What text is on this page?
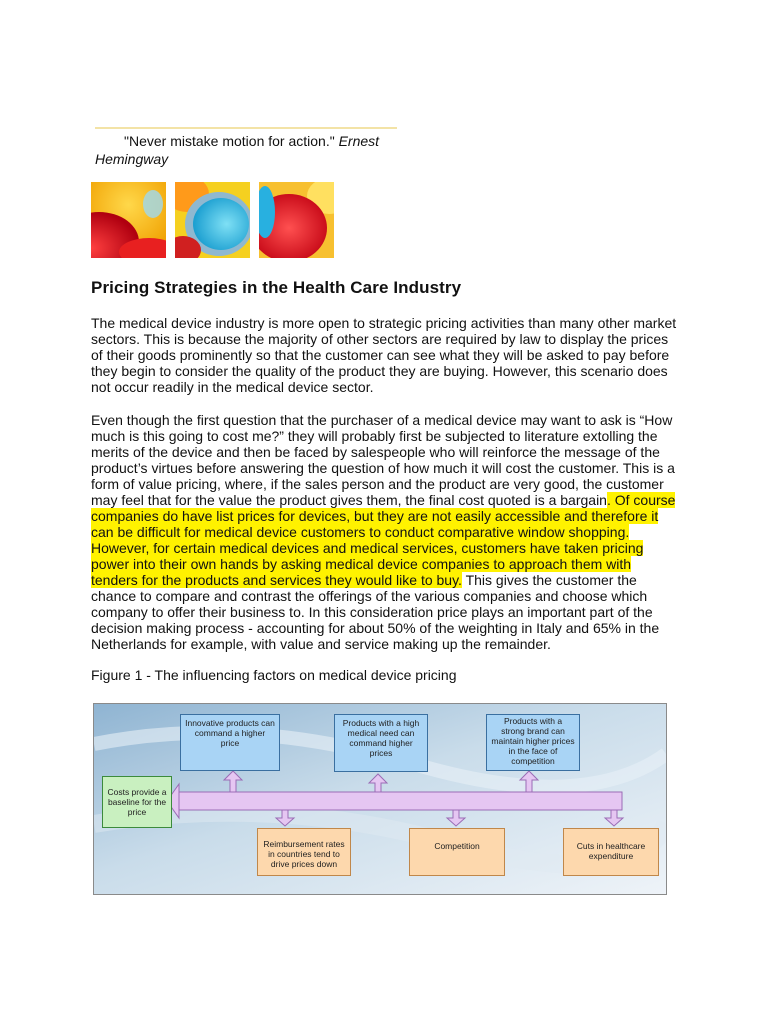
"Never mistake motion for action." Ernest
Hemingway
Pricing Strategies in the Health Care Industry

The medical device industry is more open to strategic pricing activities than many other market sectors. This is because the majority of other sectors are required by law to display the prices of their goods prominently so that the customer can see what they will be asked to pay before they begin to consider the quality of the product they are buying. However, this scenario does not occur readily in the medical device sector.

Even though the first question that the purchaser of a medical device may want to ask is “How much is this going to cost me?” they will probably first be subjected to literature extolling the merits of the device and then be faced by salespeople who will reinforce the message of the product’s virtues before answering the question of how much it will cost the customer. This is a form of value pricing, where, if the sales person and the product are very good, the customer may feel that for the value the product gives them, the final cost quoted is a bargain. Of course companies do have list prices for devices, but they are not easily accessible and therefore it can be difficult for medical device customers to conduct comparative window shopping. However, for certain medical devices and medical services, customers have taken pricing power into their own hands by asking medical device companies to approach them with tenders for the products and services they would like to buy. This gives the customer the chance to compare and contrast the offerings of the various companies and choose which company to offer their business to. In this consideration price plays an important part of the decision making process - accounting for about 50% of the weighting in Italy and 65% in the Netherlands for example, with value and service making up the remainder.

Figure 1 - The influencing factors on medical device pricing

Innovative products can command a higher price
Products with a high medical need can command higher prices
Products with a strong brand can maintain higher prices in the face of competition
Costs provide a baseline for the price
Reimbursement rates in countries tend to drive prices down
Competition	Cuts in healthcare expenditure
